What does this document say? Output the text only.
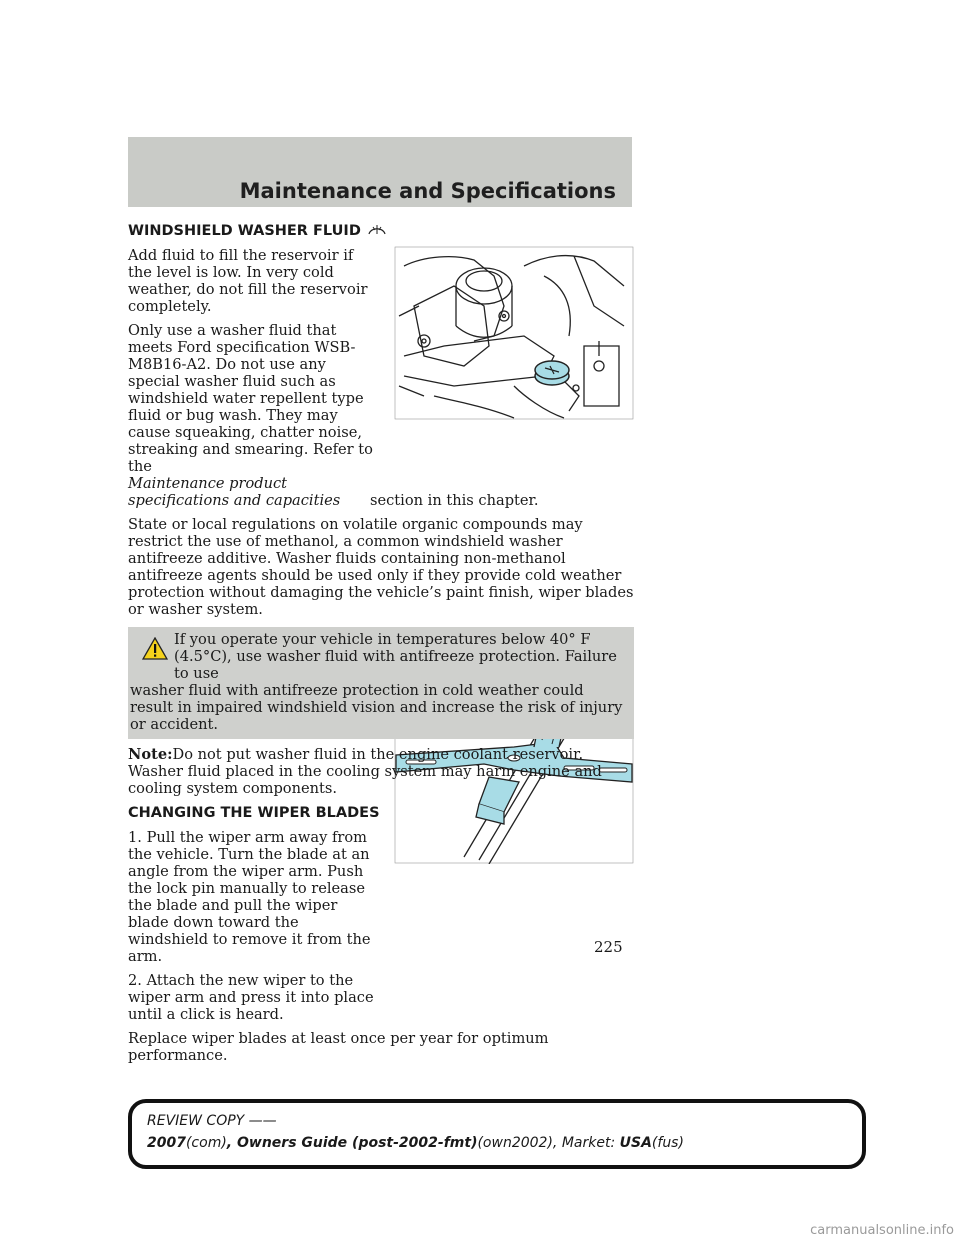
Maintenance and Specifications
WINDSHIELD WASHER FLUID

Add fluid to fill the reservoir if the level is low. In very cold weather, do not fill the reservoir completely.

Only use a washer fluid that meets Ford specification WSB-M8B16-A2. Do not use any special washer fluid such as windshield water repellent type fluid or bug wash. They may cause squeaking, chatter noise, streaking and smearing. Refer to the
Maintenance product specifications and capacities	section in this chapter.

State or local regulations on volatile organic compounds may restrict the use of methanol, a common windshield washer antifreeze additive. Washer fluids containing non-methanol antifreeze agents should be used only if they provide cold weather protection without damaging the vehicle’s paint finish, wiper blades or washer system.

If you operate your vehicle in temperatures below 40° F (4.5°C), use washer fluid with antifreeze protection. Failure to use

washer fluid with antifreeze protection in cold weather could result in impaired windshield vision and increase the risk of injury or accident.

Note:Do not put washer fluid in the engine coolant reservoir. Washer fluid placed in the cooling system may harm engine and cooling system components.

CHANGING THE WIPER BLADES

1. Pull the wiper arm away from the vehicle. Turn the blade at an angle from the wiper arm. Push the lock pin manually to release the blade and pull the wiper blade down toward the windshield to remove it from the arm.

2. Attach the new wiper to the wiper arm and press it into place until a click is heard.

Replace wiper blades at least once per year for optimum performance.

225
REVIEW COPY ——
2007(com), Owners Guide (post-2002-fmt)(own2002), Market: USA(fus)
carmanualsonline.info
